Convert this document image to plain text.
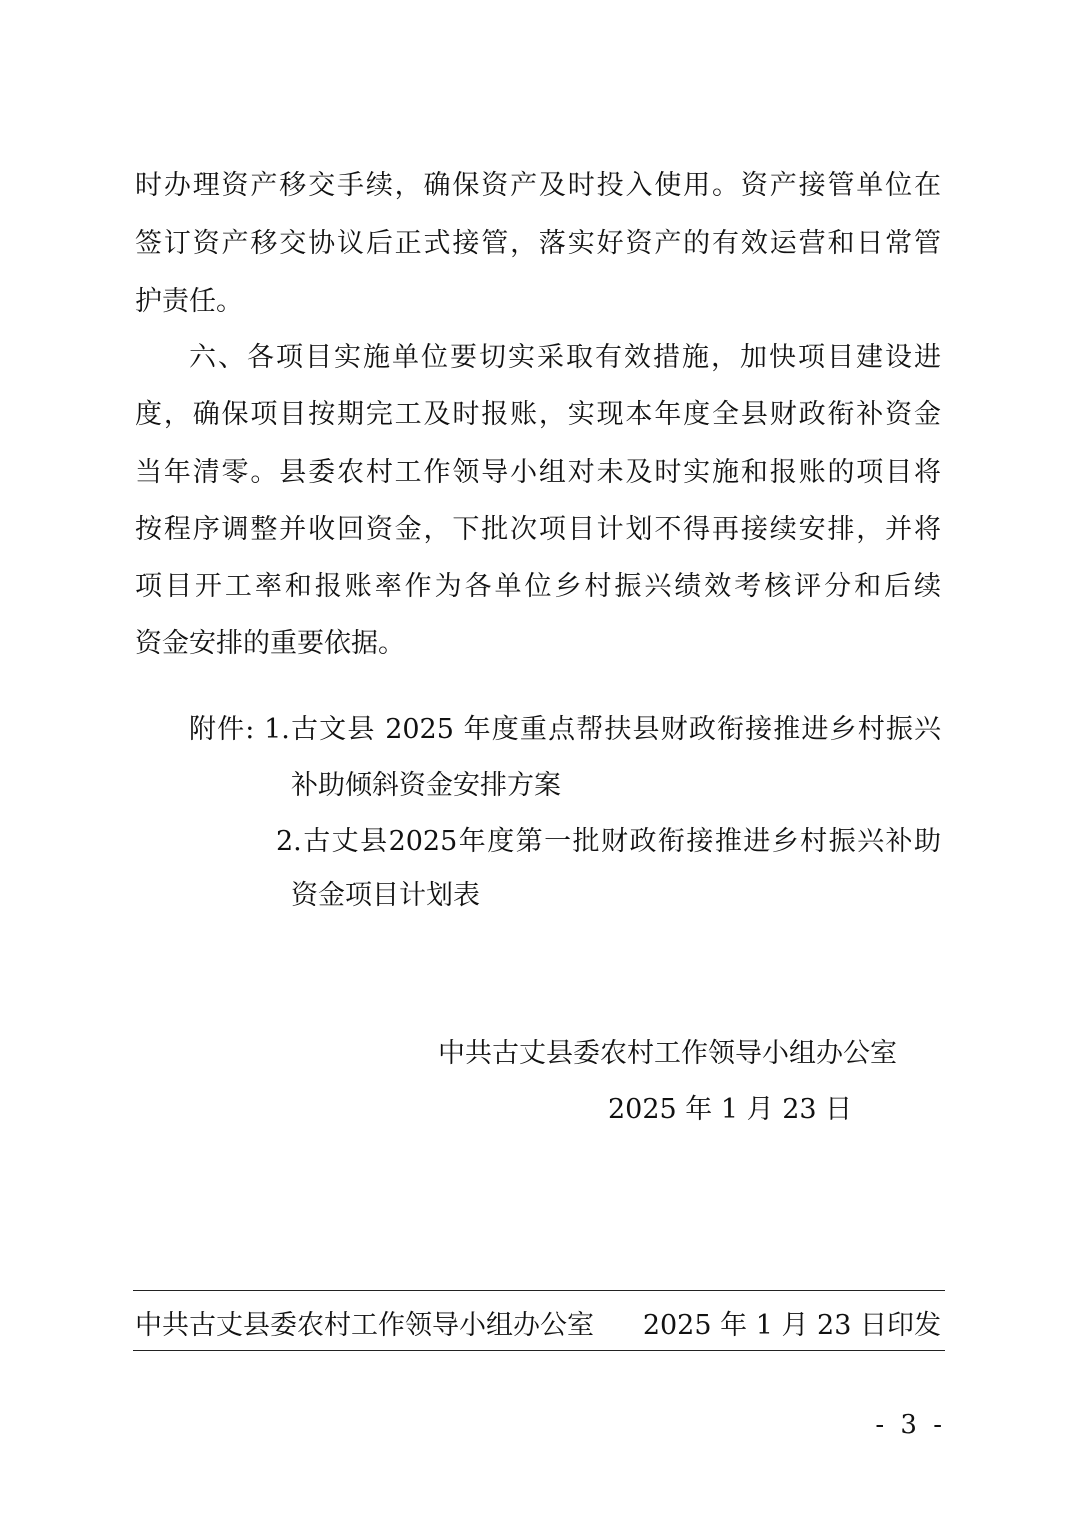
时办理资产移交手续，确保资产及时投入使用。资产接管单位在
签订资产移交协议后正式接管，落实好资产的有效运营和日常管
护责任。
六、各项目实施单位要切实采取有效措施，加快项目建设进
度，确保项目按期完工及时报账，实现本年度全县财政衔补资金
当年清零。县委农村工作领导小组对未及时实施和报账的项目将
按程序调整并收回资金，下批次项目计划不得再接续安排，并将
项目开工率和报账率作为各单位乡村振兴绩效考核评分和后续
资金安排的重要依据。
附件: 1.古文县 2025 年度重点帮扶县财政衔接推进乡村振兴
补助倾斜资金安排方案
2.古丈县2025年度第一批财政衔接推进乡村振兴补助
资金项目计划表
中共古丈县委农村工作领导小组办公室
2025 年 1 月 23 日
中共古丈县委农村工作领导小组办公室 2025 年 1 月 23 日印发
- 3 -
